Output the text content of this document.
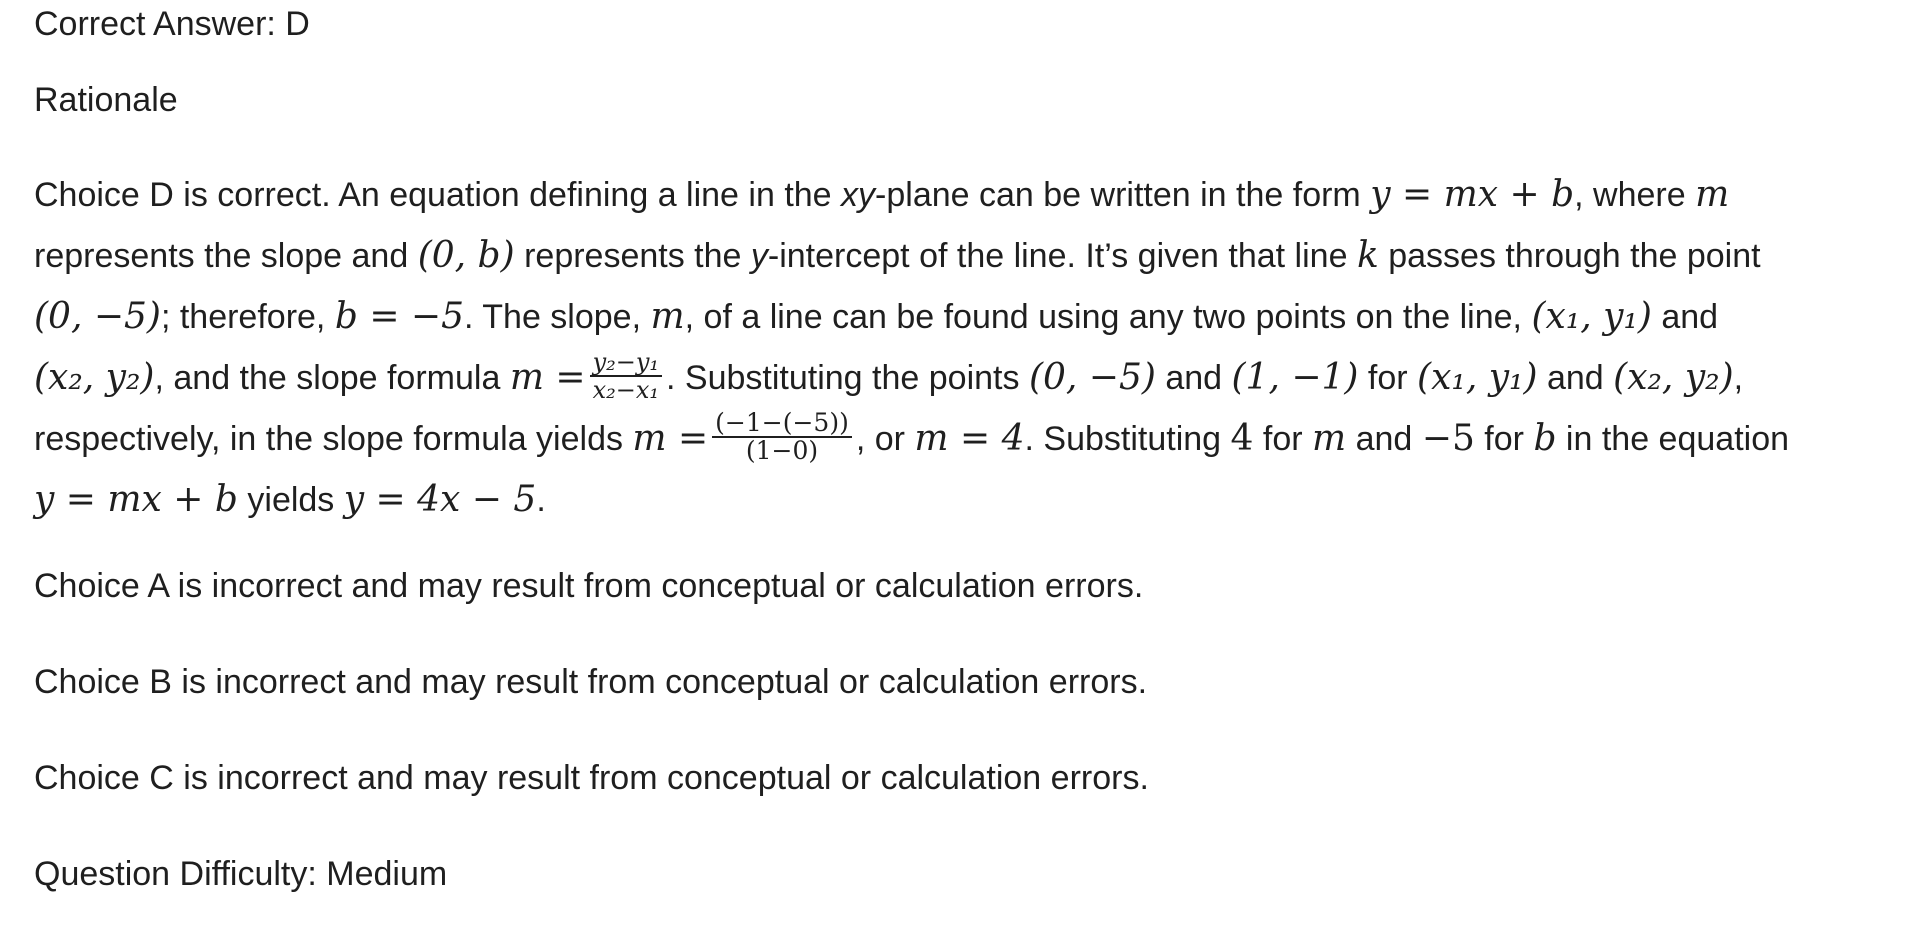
Correct Answer: D
Rationale
Choice D is correct. An equation defining a line in the xy-plane can be written in the form y = mx + b, where m
represents the slope and (0, b) represents the y-intercept of the line. It’s given that line k passes through the point
(0, −5); therefore, b = −5. The slope, m, of a line can be found using any two points on the line, (x₁, y₁) and
(x₂, y₂), and the slope formula $m = \frac{\text{y₂−y₁}}{\text{x₂−x₁}}$ . Substituting the points (0, −5) and (1, −1) for (x₁, y₁) and (x₂, y₂),
respectively, in the slope formula yields $m = \frac{(-1-(-5))}{(1-0)}$ , or m = 4. Substituting 4 for m and −5 for b in the equation
y = mx + b yields y = 4x − 5.
Choice A is incorrect and may result from conceptual or calculation errors.
Choice B is incorrect and may result from conceptual or calculation errors.
Choice C is incorrect and may result from conceptual or calculation errors.
Question Difficulty: Medium
